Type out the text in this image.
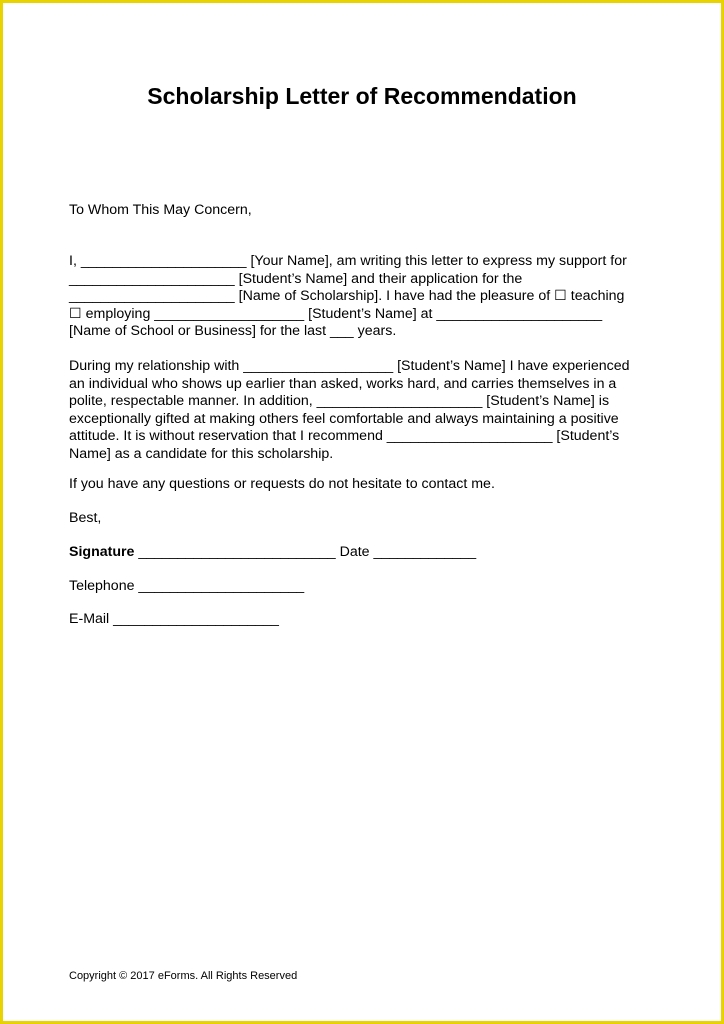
Scholarship Letter of Recommendation
To Whom This May Concern,
I, _____________________ [Your Name], am writing this letter to express my support for
_____________________ [Student’s Name] and their application for the
_____________________ [Name of Scholarship]. I have had the pleasure of ☐ teaching
☐ employing ___________________ [Student’s Name] at _____________________
[Name of School or Business] for the last ___ years.
During my relationship with ___________________ [Student’s Name] I have experienced
an individual who shows up earlier than asked, works hard, and carries themselves in a
polite, respectable manner. In addition, _____________________ [Student’s Name] is
exceptionally gifted at making others feel comfortable and always maintaining a positive
attitude. It is without reservation that I recommend _____________________ [Student’s
Name] as a candidate for this scholarship.
If you have any questions or requests do not hesitate to contact me.
Best,
Signature _________________________ Date _____________
Telephone _____________________
E-Mail _____________________
Copyright © 2017 eForms. All Rights Reserved
